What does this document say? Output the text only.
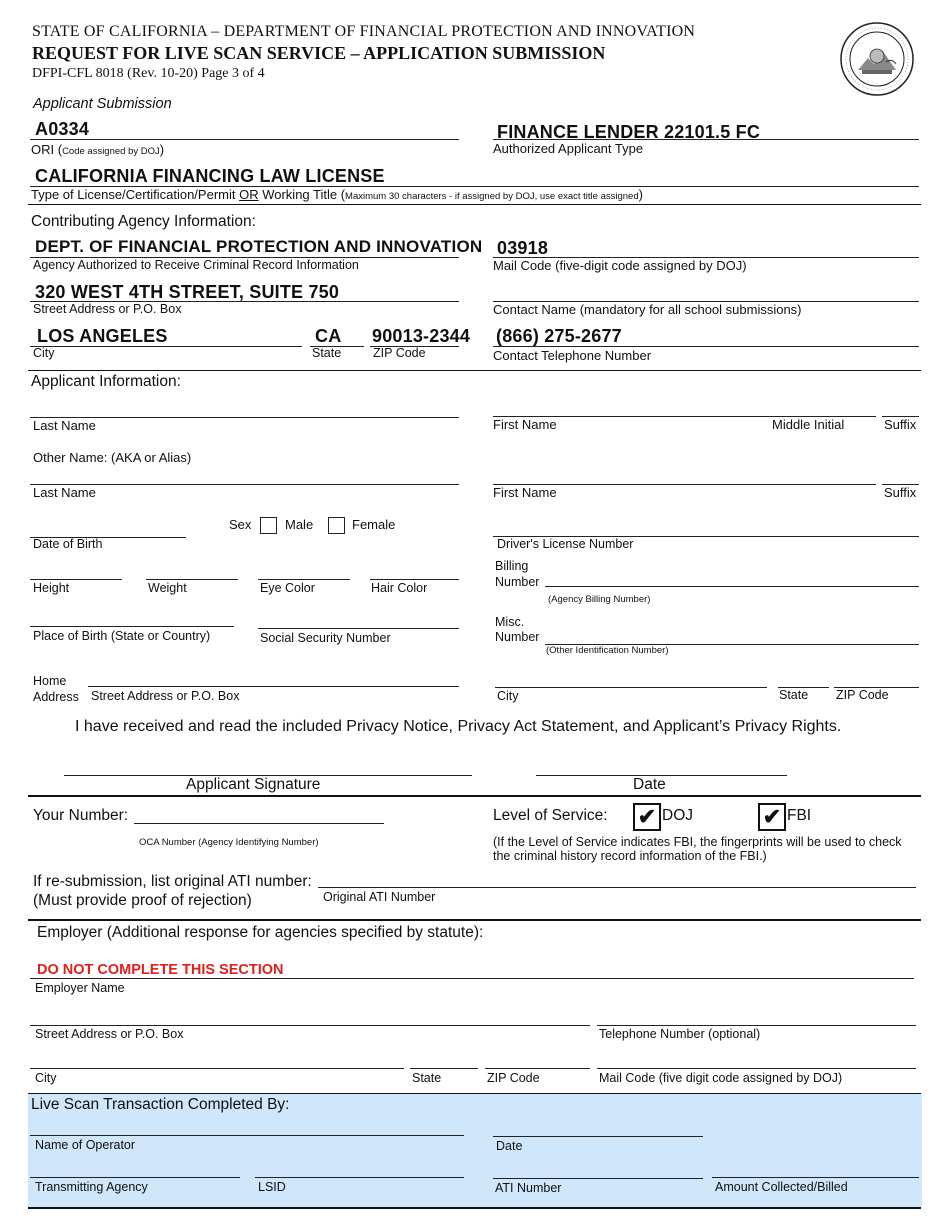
STATE OF CALIFORNIA – DEPARTMENT OF FINANCIAL PROTECTION AND INNOVATION
REQUEST FOR LIVE SCAN SERVICE – APPLICATION SUBMISSION
DFPI-CFL 8018 (Rev. 10-20) Page 3 of 4
Applicant Submission
A0334
ORI (Code assigned by DOJ)
FINANCE LENDER 22101.5 FC
Authorized Applicant Type
CALIFORNIA FINANCING LAW LICENSE
Type of License/Certification/Permit OR Working Title (Maximum 30 characters - if assigned by DOJ, use exact title assigned)
Contributing Agency Information:
DEPT. OF FINANCIAL PROTECTION AND INNOVATION
Agency Authorized to Receive Criminal Record Information
03918
Mail Code (five-digit code assigned by DOJ)
320 WEST 4TH STREET, SUITE 750
Street Address or P.O. Box	Contact Name (mandatory for all school submissions)
LOS ANGELES
City
CA
State
90013-2344
ZIP Code
(866) 275-2677
Contact Telephone Number
Applicant Information:
Last Name	First Name	Middle Initial	Suffix
Other Name: (AKA or Alias)
Last Name	First Name	Suffix
Sex	Male	Female
Date of Birth	Driver's License Number
Height	Weight	Eye Color	Hair Color
Billing
Number
(Agency Billing Number)
Place of Birth (State or Country)	Social Security Number
Misc.
Number
(Other Identification Number)
Home
Address Street Address or P.O. Box	City	State ZIP Code
I have received and read the included Privacy Notice, Privacy Act Statement, and Applicant’s Privacy Rights.
Applicant Signature	Date
Your Number:
OCA Number (Agency Identifying Number)
Level of Service: ✔ DOJ	✔ FBI
(If the Level of Service indicates FBI, the fingerprints will be used to check
the criminal history record information of the FBI.)
If re-submission, list original ATI number:
(Must provide proof of rejection)	Original ATI Number
Employer (Additional response for agencies specified by statute):
DO NOT COMPLETE THIS SECTION
Employer Name
Street Address or P.O. Box	Telephone Number (optional)
City	State	ZIP Code	Mail Code (five digit code assigned by DOJ)
Live Scan Transaction Completed By:
Name of Operator	Date
Transmitting Agency	LSID	ATI Number	Amount Collected/Billed
